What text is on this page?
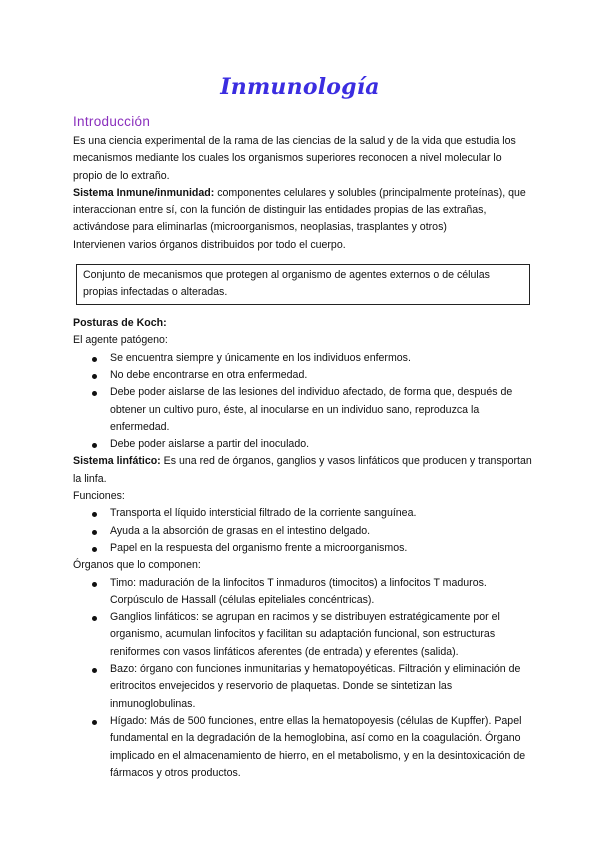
Inmunología
Introducción

Es una ciencia experimental de la rama de las ciencias de la salud y de la vida que estudia los mecanismos mediante los cuales los organismos superiores reconocen a nivel molecular lo propio de lo extraño.

Sistema Inmune/inmunidad: componentes celulares y solubles (principalmente proteínas), que interaccionan entre sí, con la función de distinguir las entidades propias de las extrañas, activándose para eliminarlas (microorganismos, neoplasias, trasplantes y otros)

Intervienen varios órganos distribuidos por todo el cuerpo.

Conjunto de mecanismos que protegen al organismo de agentes externos o de células propias infectadas o alteradas.

Posturas de Koch:

El agente patógeno:

Se encuentra siempre y únicamente en los individuos enfermos.
No debe encontrarse en otra enfermedad.
Debe poder aislarse de las lesiones del individuo afectado, de forma que, después de obtener un cultivo puro, éste, al inocularse en un individuo sano, reproduzca la enfermedad.
Debe poder aislarse a partir del inoculado.

Sistema linfático: Es una red de órganos, ganglios y vasos linfáticos que producen y transportan la linfa.

Funciones:

Transporta el líquido intersticial filtrado de la corriente sanguínea.
Ayuda a la absorción de grasas en el intestino delgado.
Papel en la respuesta del organismo frente a microorganismos.

Órganos que lo componen:

Timo: maduración de la linfocitos T inmaduros (timocitos) a linfocitos T maduros. Corpúsculo de Hassall (células epiteliales concéntricas).
Ganglios linfáticos: se agrupan en racimos y se distribuyen estratégicamente por el organismo, acumulan linfocitos y facilitan su adaptación funcional, son estructuras reniformes con vasos linfáticos aferentes (de entrada) y eferentes (salida).
Bazo: órgano con funciones inmunitarias y hematopoyéticas. Filtración y eliminación de eritrocitos envejecidos y reservorio de plaquetas. Donde se sintetizan las inmunoglobulinas.
Hígado: Más de 500 funciones, entre ellas la hematopoyesis (células de Kupffer). Papel fundamental en la degradación de la hemoglobina, así como en la coagulación. Órgano implicado en el almacenamiento de hierro, en el metabolismo, y en la desintoxicación de fármacos y otros productos.
